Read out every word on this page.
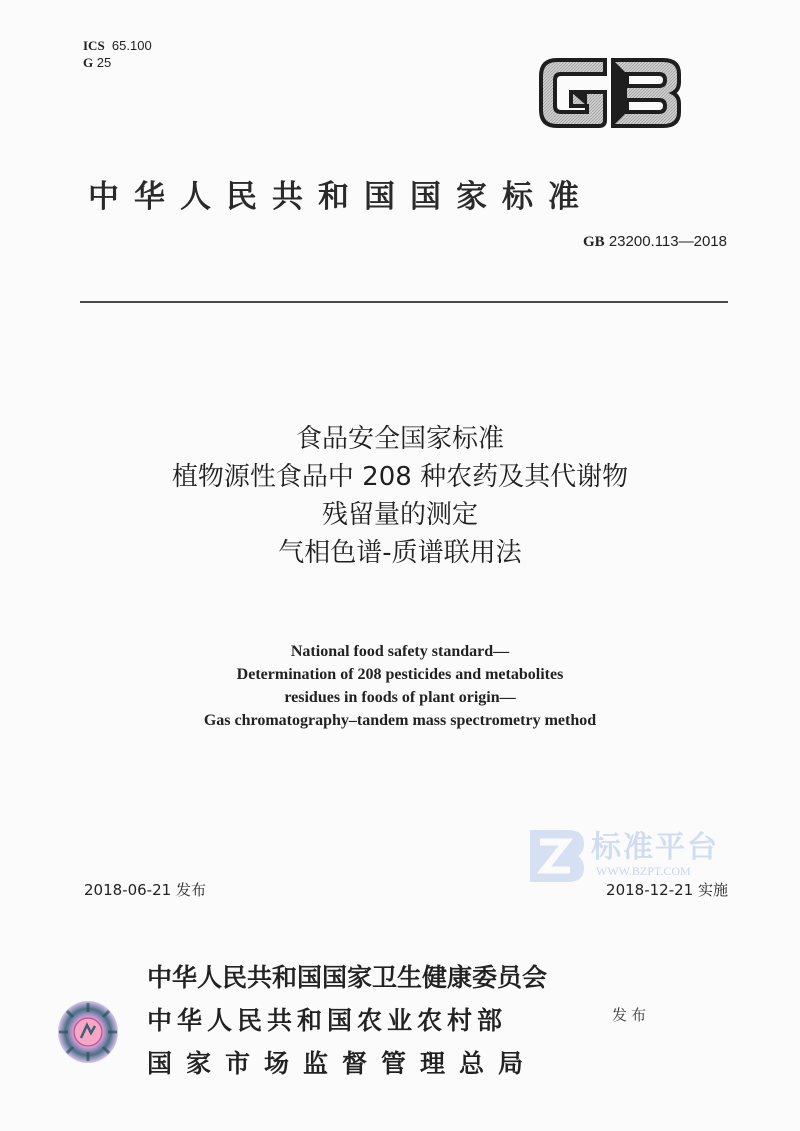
ICS 65.100
G 25
中华人民共和国国家标准
GB 23200.113—2018
食品安全国家标准
植物源性食品中 208 种农药及其代谢物
残留量的测定
气相色谱-质谱联用法
National food safety standard—
Determination of 208 pesticides and metabolites
residues in foods of plant origin—
Gas chromatography–tandem mass spectrometry method
标准平台
WWW.BZPT.COM
2018-06-21 发布	2018-12-21 实施
中华人民共和国国家卫生健康委员会
中华人民共和国农业农村部
国家市场监督管理总局
发布
